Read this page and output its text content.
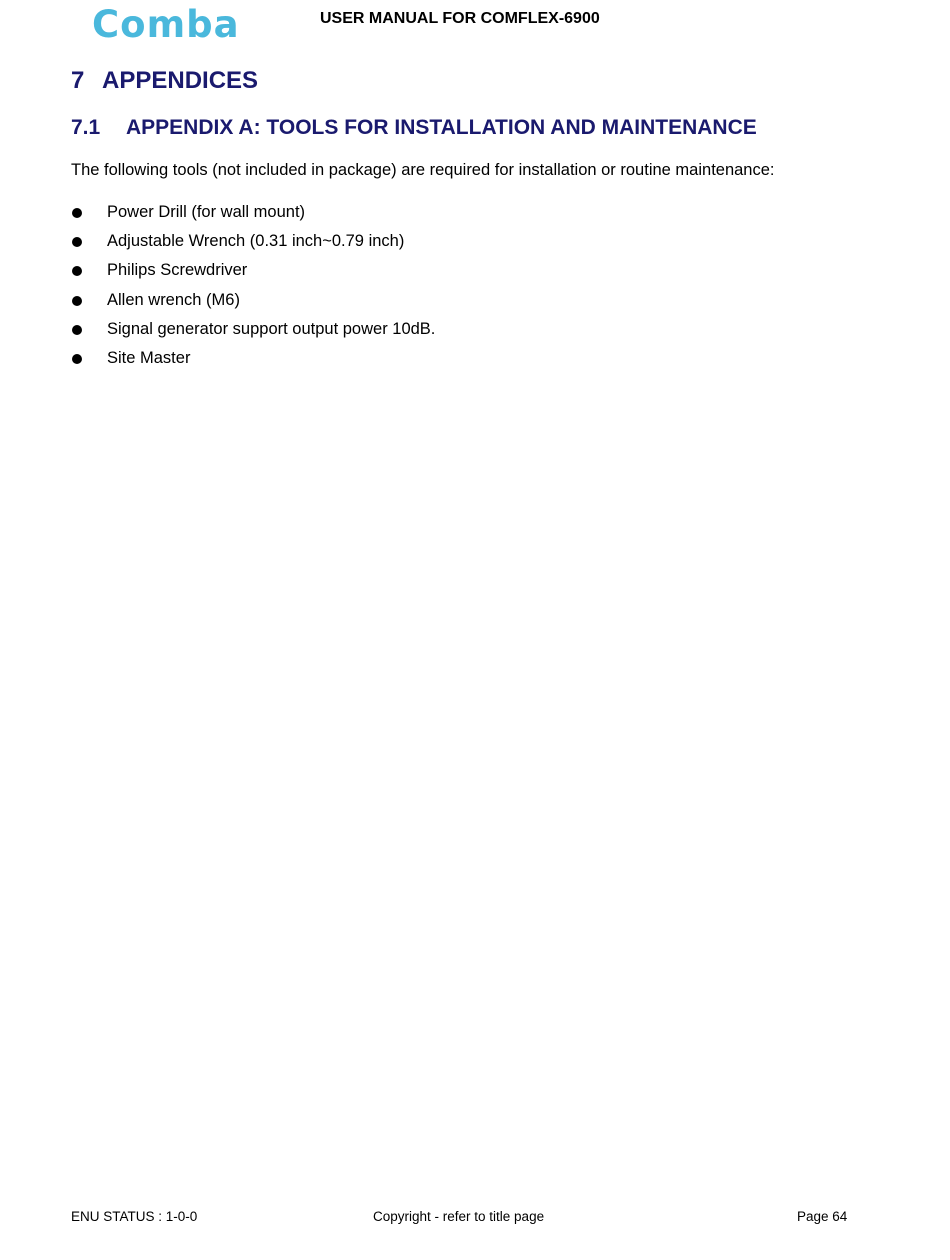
Comba	USER MANUAL FOR COMFLEX-6900
7 APPENDICES
7.1 APPENDIX A: TOOLS FOR INSTALLATION AND MAINTENANCE
The following tools (not included in package) are required for installation or routine maintenance:
Power Drill (for wall mount)
Adjustable Wrench (0.31 inch~0.79 inch)
Philips Screwdriver
Allen wrench (M6)
Signal generator support output power 10dB.
Site Master
ENU STATUS : 1-0-0	Copyright - refer to title page	Page 64
